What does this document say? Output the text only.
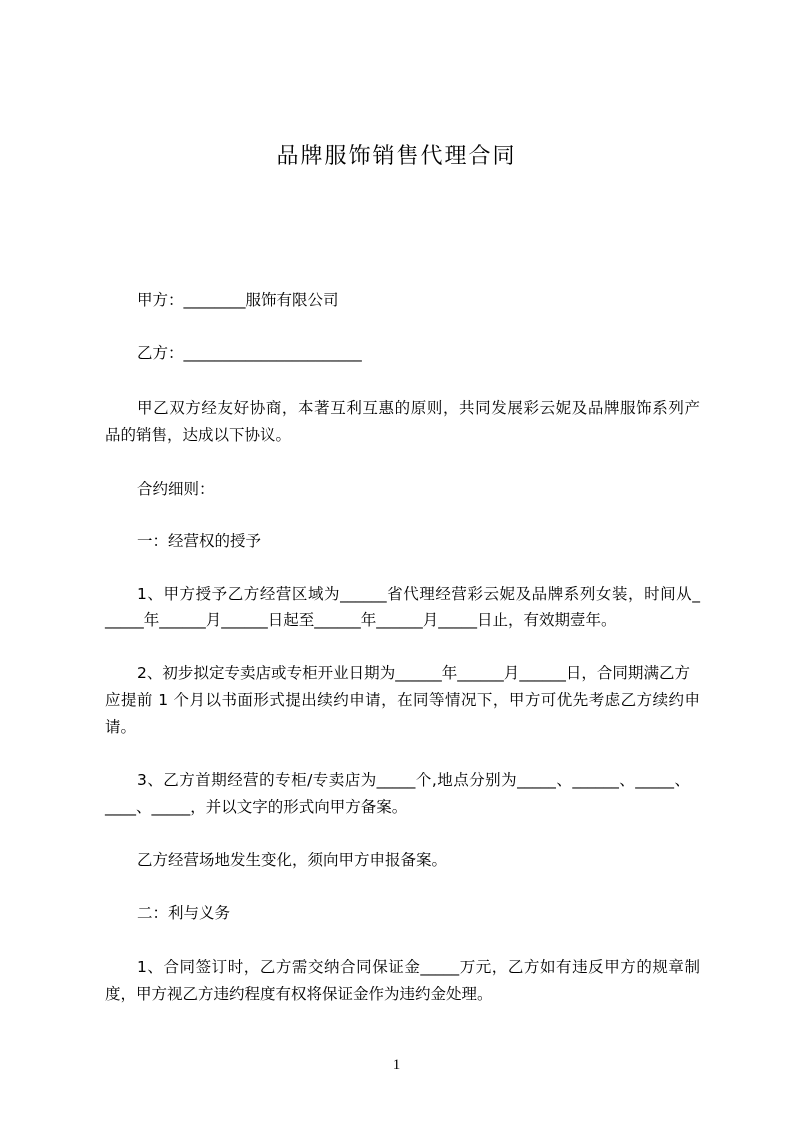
品牌服饰销售代理合同
甲方：________服饰有限公司
乙方：_______________________
甲乙双方经友好协商，本著互利互惠的原则，共同发展彩云妮及品牌服饰系列产
品的销售，达成以下协议。
合约细则：
一：经营权的授予
1、甲方授予乙方经营区域为______省代理经营彩云妮及品牌系列女装，时间从_
_____年______月______日起至______年______月_____日止，有效期壹年。
2、初步拟定专卖店或专柜开业日期为______年______月______日，合同期满乙方
应提前 1 个月以书面形式提出续约申请，在同等情况下，甲方可优先考虑乙方续约申
请。
3、乙方首期经营的专柜/专卖店为_____个,地点分别为_____、______、_____、
____、_____，并以文字的形式向甲方备案。
乙方经营场地发生变化，须向甲方申报备案。
二：利与义务
1、合同签订时，乙方需交纳合同保证金_____万元，乙方如有违反甲方的规章制
度，甲方视乙方违约程度有权将保证金作为违约金处理。
1
